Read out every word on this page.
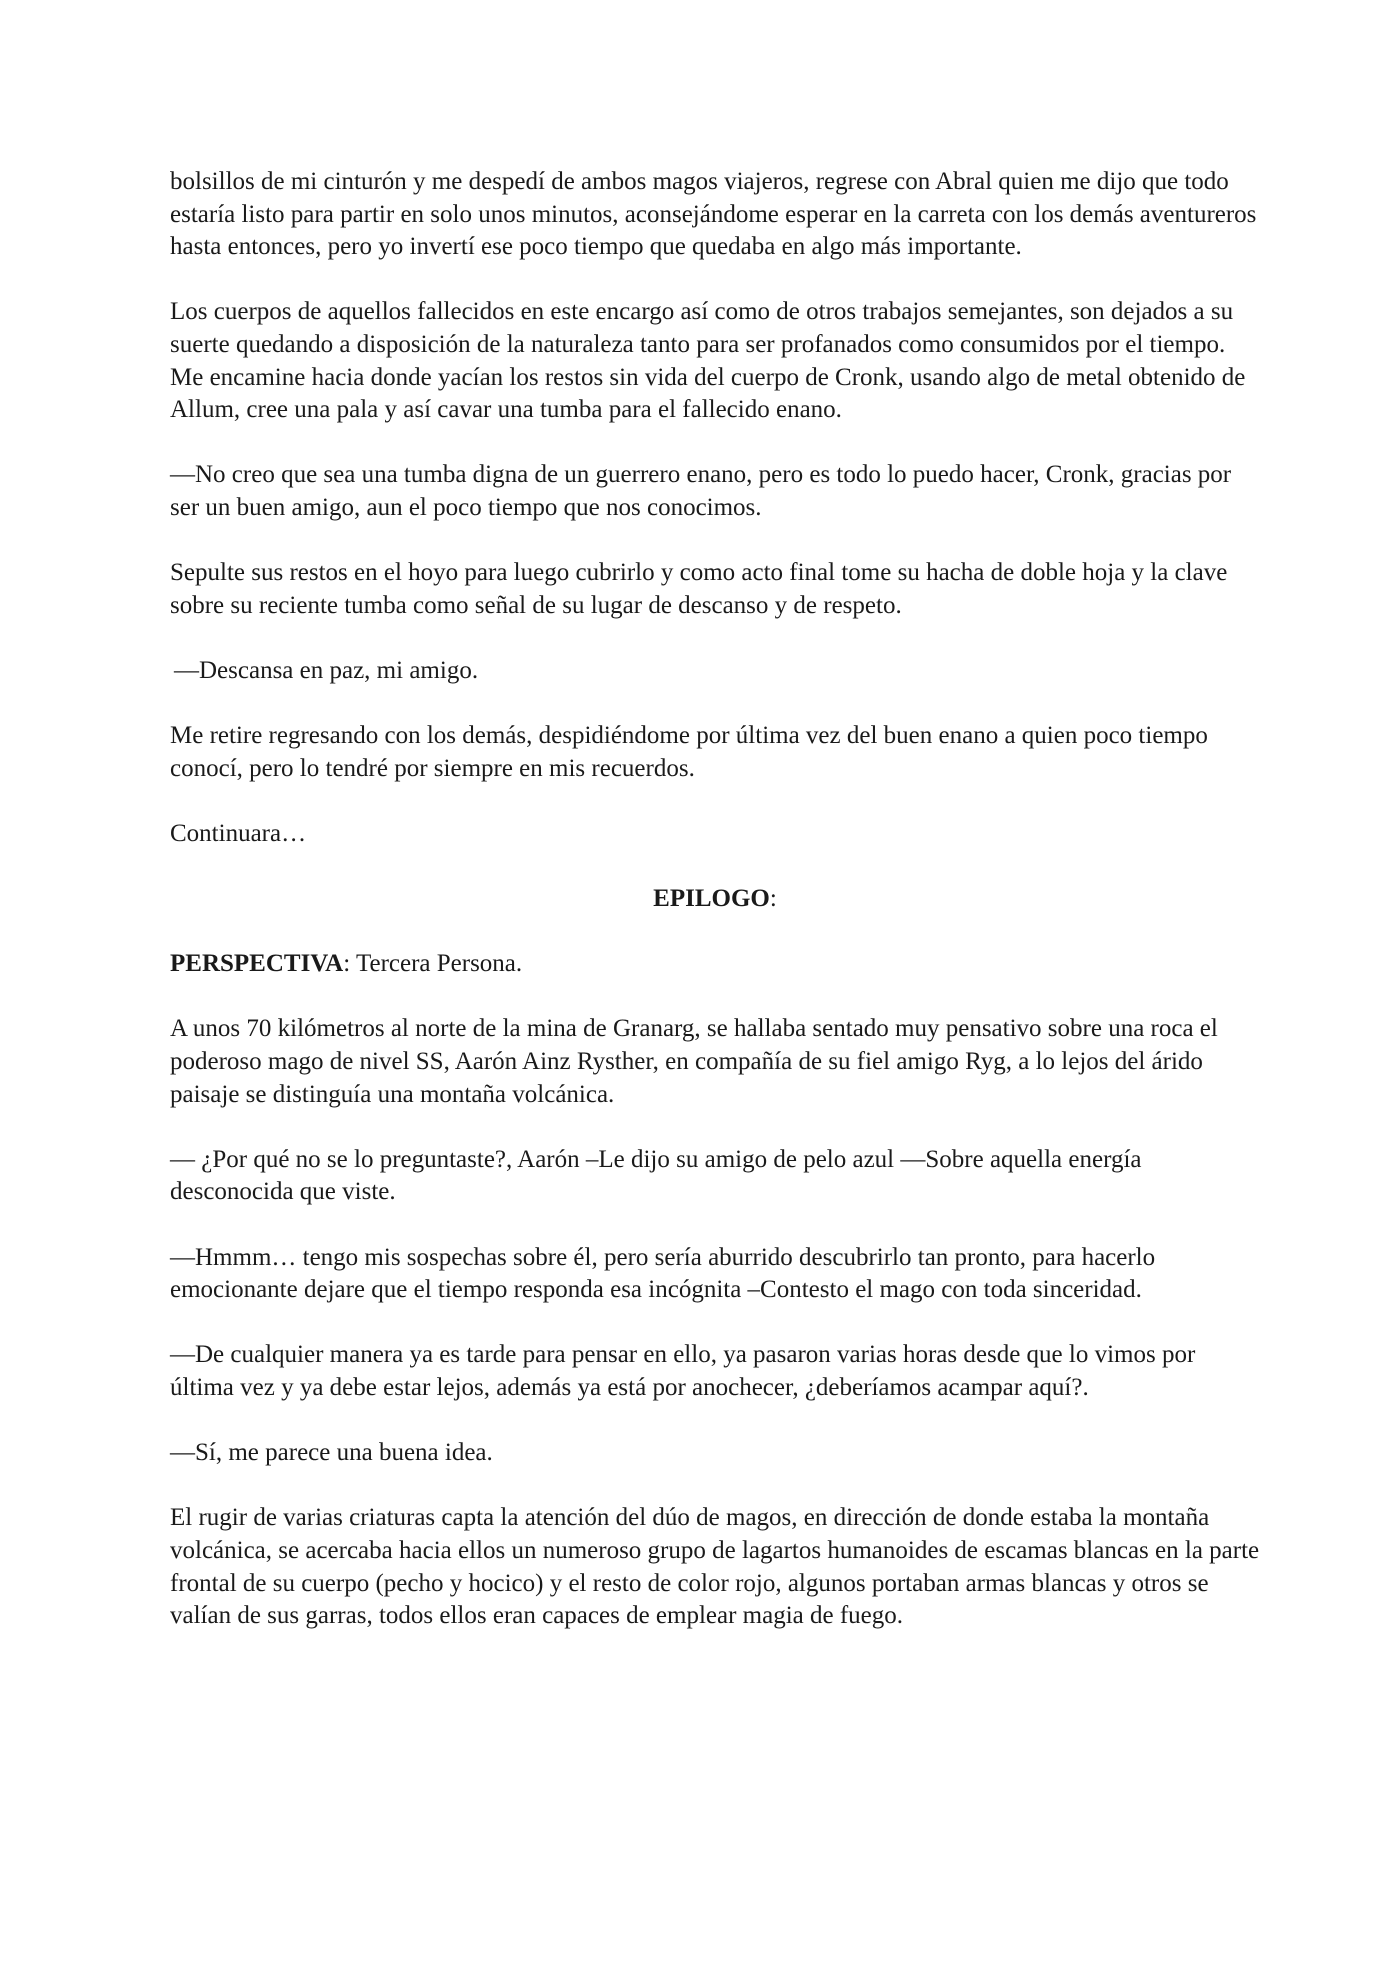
bolsillos de mi cinturón y me despedí de ambos magos viajeros, regrese con Abral quien me dijo que todo estaría listo para partir en solo unos minutos, aconsejándome esperar en la carreta con los demás aventureros hasta entonces, pero yo invertí ese poco tiempo que quedaba en algo más importante.

Los cuerpos de aquellos fallecidos en este encargo así como de otros trabajos semejantes, son dejados a su suerte quedando a disposición de la naturaleza tanto para ser profanados como consumidos por el tiempo. Me encamine hacia donde yacían los restos sin vida del cuerpo de Cronk, usando algo de metal obtenido de Allum, cree una pala y así cavar una tumba para el fallecido enano.

—No creo que sea una tumba digna de un guerrero enano, pero es todo lo puedo hacer, Cronk, gracias por ser un buen amigo, aun el poco tiempo que nos conocimos.

Sepulte sus restos en el hoyo para luego cubrirlo y como acto final tome su hacha de doble hoja y la clave sobre su reciente tumba como señal de su lugar de descanso y de respeto.

—Descansa en paz, mi amigo.

Me retire regresando con los demás, despidiéndome por última vez del buen enano a quien poco tiempo conocí, pero lo tendré por siempre en mis recuerdos.

Continuara…

EPILOGO:

PERSPECTIVA: Tercera Persona.

A unos 70 kilómetros al norte de la mina de Granarg, se hallaba sentado muy pensativo sobre una roca el poderoso mago de nivel SS, Aarón Ainz Rysther, en compañía de su fiel amigo Ryg, a lo lejos del árido paisaje se distinguía una montaña volcánica.

— ¿Por qué no se lo preguntaste?, Aarón –Le dijo su amigo de pelo azul —Sobre aquella energía desconocida que viste.

—Hmmm… tengo mis sospechas sobre él, pero sería aburrido descubrirlo tan pronto, para hacerlo emocionante dejare que el tiempo responda esa incógnita –Contesto el mago con toda sinceridad.

—De cualquier manera ya es tarde para pensar en ello, ya pasaron varias horas desde que lo vimos por última vez y ya debe estar lejos, además ya está por anochecer, ¿deberíamos acampar aquí?.

—Sí, me parece una buena idea.

El rugir de varias criaturas capta la atención del dúo de magos, en dirección de donde estaba la montaña volcánica, se acercaba hacia ellos un numeroso grupo de lagartos humanoides de escamas blancas en la parte frontal de su cuerpo (pecho y hocico) y el resto de color rojo, algunos portaban armas blancas y otros se valían de sus garras, todos ellos eran capaces de emplear magia de fuego.
